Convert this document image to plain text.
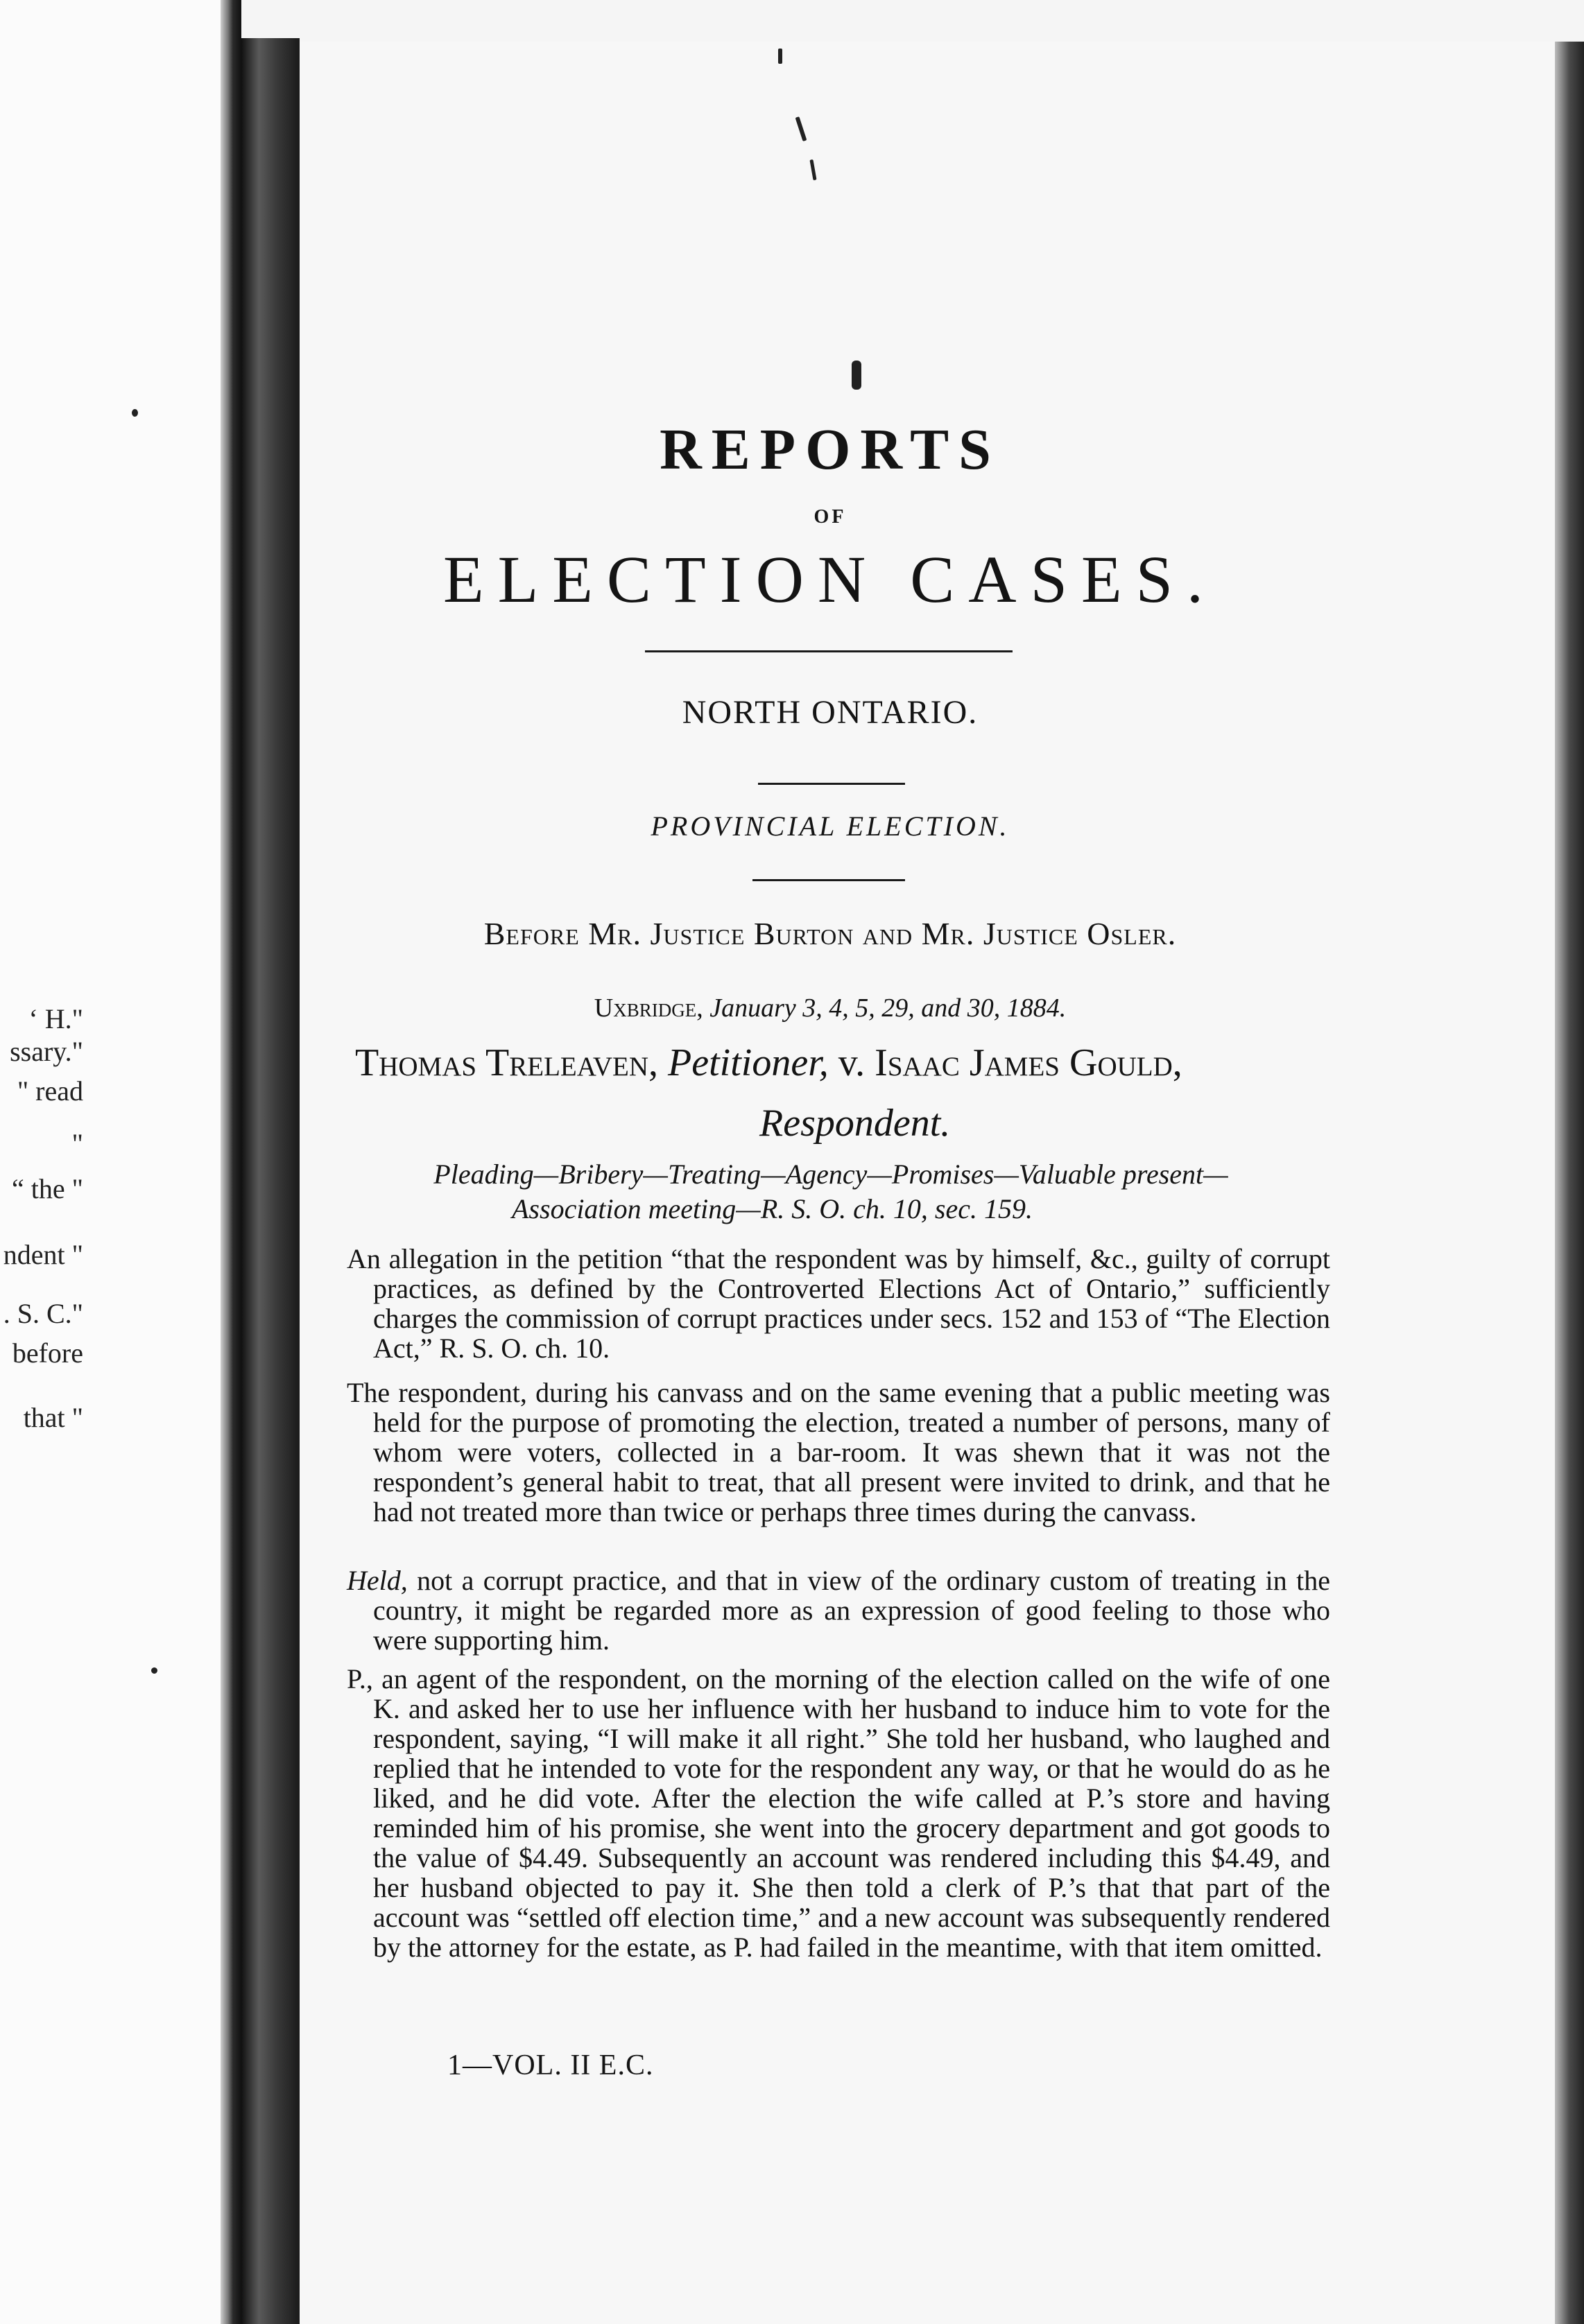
‘ H."
ssary."
" read
"
“ the "
ndent "
. S. C."
before
that "
REPORTS
OF
ELECTION CASES.
NORTH ONTARIO.
PROVINCIAL ELECTION.
Before Mr. Justice Burton and Mr. Justice Osler.
Uxbridge, January 3, 4, 5, 29, and 30, 1884.
Thomas Treleaven, Petitioner, v. Isaac James Gould,
Respondent.
Pleading—Bribery—Treating—Agency—Promises—Valuable present—
Association meeting—R. S. O. ch. 10, sec. 159.
An allegation in the petition “that the respondent was by himself, &c., guilty of corrupt practices, as defined by the Controverted Elections Act of Ontario,” sufficiently charges the commission of corrupt practices under secs. 152 and 153 of “The Election Act,” R. S. O. ch. 10.
The respondent, during his canvass and on the same evening that a public meeting was held for the purpose of promoting the election, treated a number of persons, many of whom were voters, collected in a bar-room. It was shewn that it was not the respondent’s general habit to treat, that all present were invited to drink, and that he had not treated more than twice or perhaps three times during the canvass.
Held, not a corrupt practice, and that in view of the ordinary custom of treating in the country, it might be regarded more as an expression of good feeling to those who were supporting him.
P., an agent of the respondent, on the morning of the election called on the wife of one K. and asked her to use her influence with her husband to induce him to vote for the respondent, saying, “I will make it all right.” She told her husband, who laughed and replied that he intended to vote for the respondent any way, or that he would do as he liked, and he did vote. After the election the wife called at P.’s store and having reminded him of his promise, she went into the grocery department and got goods to the value of $4.49. Subsequently an account was rendered including this $4.49, and her husband objected to pay it. She then told a clerk of P.’s that that part of the account was “settled off election time,” and a new account was subsequently rendered by the attorney for the estate, as P. had failed in the meantime, with that item omitted.
1—VOL. II E.C.
